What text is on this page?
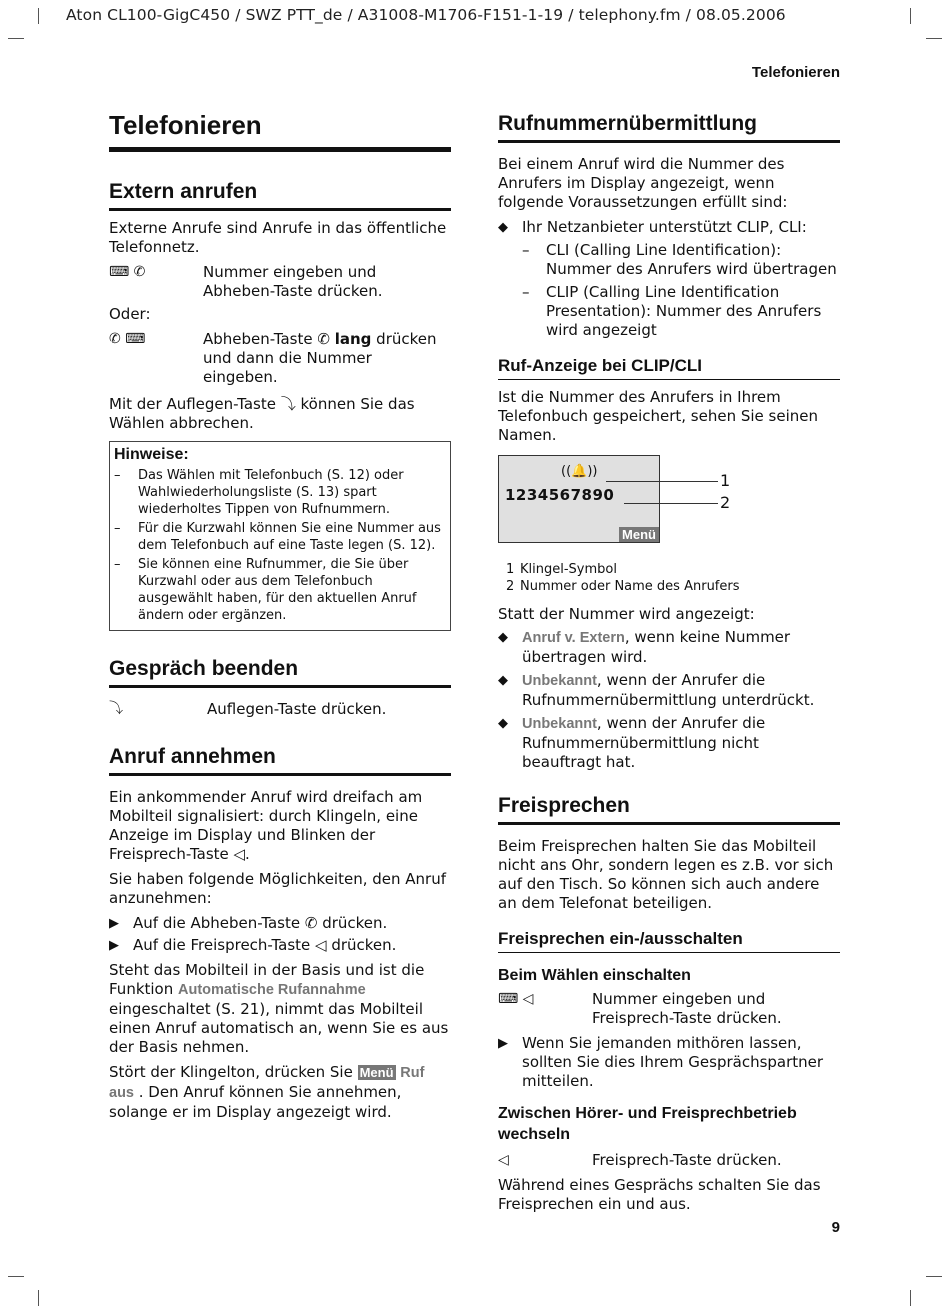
Aton CL100-GigC450 / SWZ PTT_de / A31008-M1706-F151-1-19 / telephony.fm / 08.05.2006
Telefonieren
Telefonieren
Extern anrufen

Externe Anrufe sind Anrufe in das öffentliche Telefonnetz.

⌨ ✆	Nummer eingeben und Abheben-Taste drücken.
Oder:
✆ ⌨	Abheben-Taste ✆ lang drücken und dann die Nummer eingeben.

Mit der Auflegen-Taste ⤵ können Sie das Wählen abbrechen.

Hinweise:
–	Das Wählen mit Telefonbuch (S. 12) oder Wahlwiederholungsliste (S. 13) spart wiederholtes Tippen von Rufnummern.
–	Für die Kurzwahl können Sie eine Nummer aus dem Telefonbuch auf eine Taste legen (S. 12).
–	Sie können eine Rufnummer, die Sie über Kurzwahl oder aus dem Telefonbuch ausgewählt haben, für den aktuellen Anruf ändern oder ergänzen.
Gespräch beenden
⤵	Auflegen-Taste drücken.
Anruf annehmen

Ein ankommender Anruf wird dreifach am Mobilteil signalisiert: durch Klingeln, eine Anzeige im Display und Blinken der Freisprech-Taste ◁.

Sie haben folgende Möglichkeiten, den Anruf anzunehmen:

▶ Auf die Abheben-Taste ✆ drücken.
▶ Auf die Freisprech-Taste ◁ drücken.

Steht das Mobilteil in der Basis und ist die Funktion Automatische Rufannahme eingeschaltet (S. 21), nimmt das Mobilteil einen Anruf automatisch an, wenn Sie es aus der Basis nehmen.

Stört der Klingelton, drücken Sie Menü Ruf aus . Den Anruf können Sie annehmen, solange er im Display angezeigt wird.

Rufnummernübermittlung

Bei einem Anruf wird die Nummer des Anrufers im Display angezeigt, wenn folgende Voraussetzungen erfüllt sind:

◆ Ihr Netzanbieter unterstützt CLIP, CLI:
–	CLI (Calling Line Identification): Nummer des Anrufers wird übertragen
–	CLIP (Calling Line Identification Presentation): Nummer des Anrufers wird angezeigt
Ruf-Anzeige bei CLIP/CLI

Ist die Nummer des Anrufers in Ihrem Telefonbuch gespeichert, sehen Sie seinen Namen.

((🔔))
1234567890
Menü
1
2
1 Klingel-Symbol
2 Nummer oder Name des Anrufers

Statt der Nummer wird angezeigt:

◆ Anruf v. Extern, wenn keine Nummer übertragen wird.
◆ Unbekannt, wenn der Anrufer die Rufnummernübermittlung unterdrückt.
◆ Unbekannt, wenn der Anrufer die Rufnummernübermittlung nicht beauftragt hat.
Freisprechen

Beim Freisprechen halten Sie das Mobilteil nicht ans Ohr, sondern legen es z.B. vor sich auf den Tisch. So können sich auch andere an dem Telefonat beteiligen.

Freisprechen ein-/ausschalten
Beim Wählen einschalten
⌨ ◁	Nummer eingeben und Freisprech-Taste drücken.
▶ Wenn Sie jemanden mithören lassen, sollten Sie dies Ihrem Gesprächspartner mitteilen.
Zwischen Hörer- und Freisprechbetrieb wechseln
◁	Freisprech-Taste drücken.

Während eines Gesprächs schalten Sie das Freisprechen ein und aus.

9
